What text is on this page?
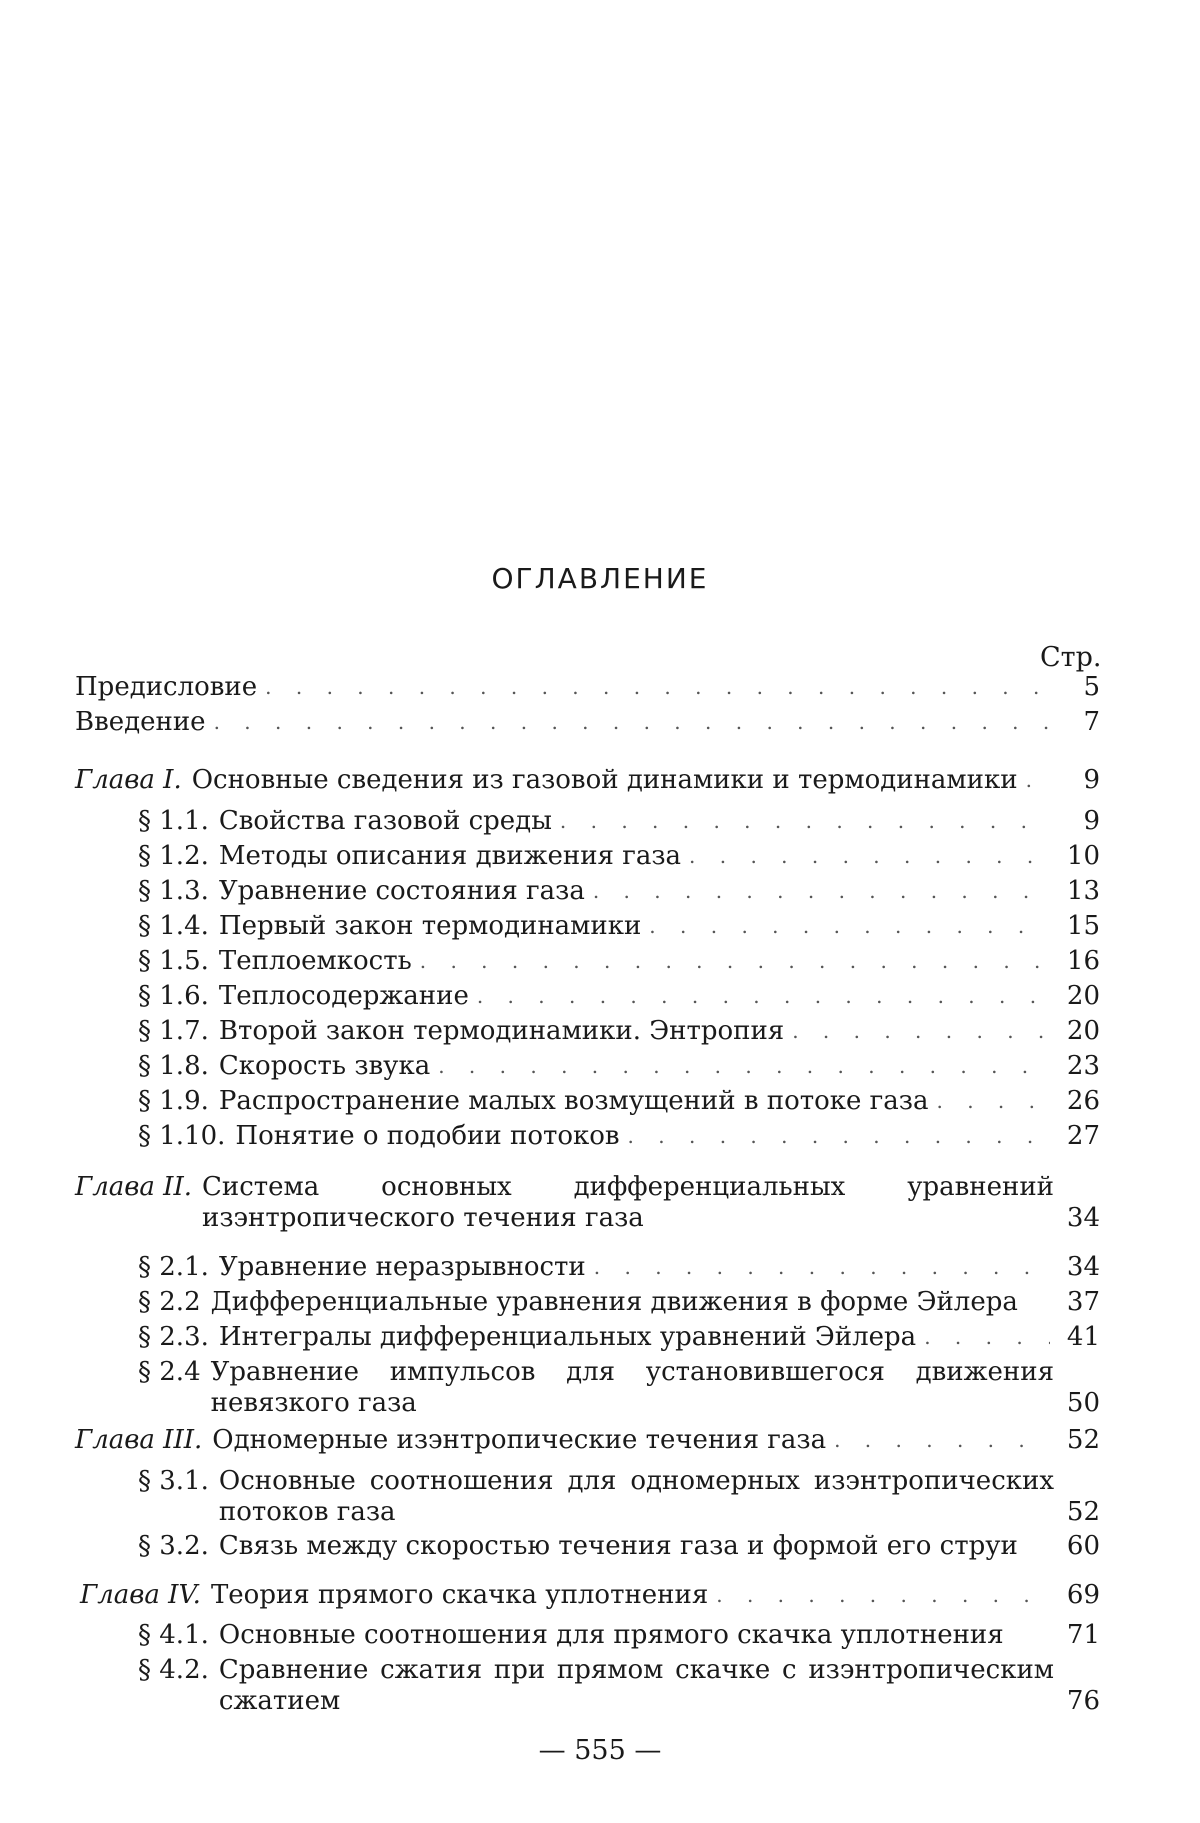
ОГЛАВЛЕНИЕ
Стр.
Предисловие . . .	5
Введение . . .	7
Глава I. Основные сведения из газовой динамики и термодинамики . . .	9
§ 1.1. Свойства газовой среды . . .	9
§ 1.2. Методы описания движения газа . . .	10
§ 1.3. Уравнение состояния газа . . .	13
§ 1.4. Первый закон термодинамики . . .	15
§ 1.5. Теплоемкость . . .	16
§ 1.6. Теплосодержание . . .	20
§ 1.7. Второй закон термодинамики. Энтропия . . .	20
§ 1.8. Скорость звука . . .	23
§ 1.9. Распространение малых возмущений в потоке газа . . .	26
§ 1.10. Понятие о подобии потоков . . .	27
Глава II. Система основных дифференциальных уравнений изэнтропического течения газа	34
§ 2.1. Уравнение неразрывности . . .	34
§ 2.2 Дифференциальные уравнения движения в форме Эйлера	37
§ 2.3. Интегралы дифференциальных уравнений Эйлера . . .	41
§ 2.4 Уравнение импульсов для установившегося движения невязкого газа	50
Глава III. Одномерные изэнтропические течения газа . . .	52
§ 3.1. Основные соотношения для одномерных изэнтропических потоков газа	52
§ 3.2. Связь между скоростью течения газа и формой его струи	60
Глава IV. Теория прямого скачка уплотнения . . .	69
§ 4.1. Основные соотношения для прямого скачка уплотнения	71
§ 4.2. Сравнение сжатия при прямом скачке с изэнтропическим сжатием	76
— 555 —
